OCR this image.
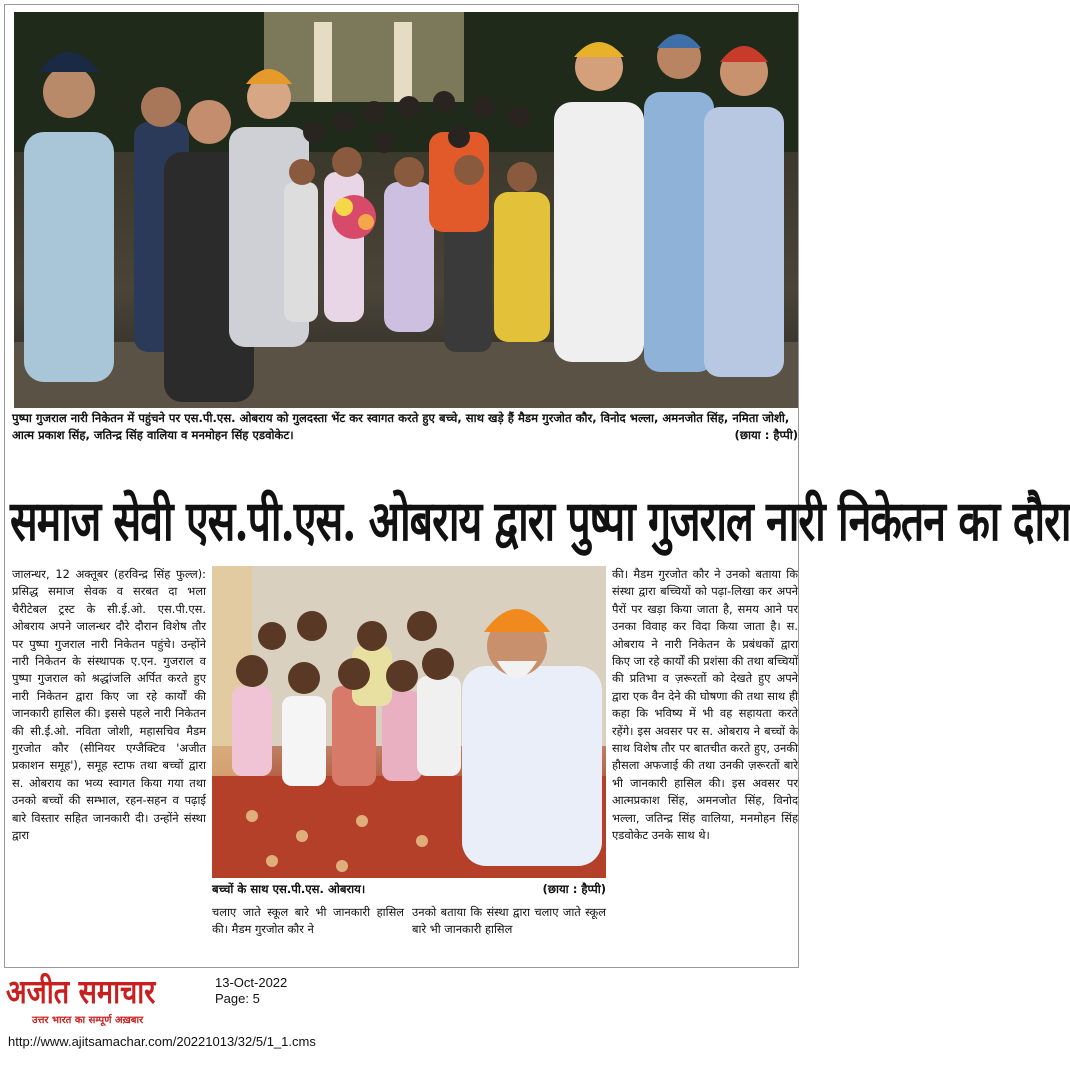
पुष्पा गुजराल नारी निकेतन में पहुंचने पर एस.पी.एस. ओबराय को गुलदस्ता भेंट कर स्वागत करते हुए बच्चे, साथ खड़े हैं मैडम गुरजोत कौर, विनोद भल्ला, अमनजोत सिंह, नमिता जोशी, आत्म प्रकाश सिंह, जतिन्द्र सिंह वालिया व मनमोहन सिंह एडवोकेट।	(छाया : हैप्पी)
समाज सेवी एस.पी.एस. ओबराय द्वारा पुष्पा गुजराल नारी निकेतन का दौरा
जालन्धर, 12 अक्तूबर (हरविन्द्र सिंह फुल्ल): प्रसिद्ध समाज सेवक व सरबत दा भला चैरीटेबल ट्रस्ट के सी.ई.ओ. एस.पी.एस. ओबराय अपने जालन्धर दौरे दौरान विशेष तौर पर पुष्पा गुजराल नारी निकेतन पहुंचे। उन्होंने नारी निकेतन के संस्थापक ए.एन. गुजराल व पुष्पा गुजराल को श्रद्धांजलि अर्पित करते हुए नारी निकेतन द्वारा किए जा रहे कार्यों की जानकारी हासिल की। इससे पहले नारी निकेतन की सी.ई.ओ. नविता जोशी, महासचिव मैडम गुरजोत कौर (सीनियर एग्जैक्टिव 'अजीत प्रकाशन समूह'), समूह स्टाफ तथा बच्चों द्वारा स. ओबराय का भव्य स्वागत किया गया तथा उनको बच्चों की सम्भाल, रहन-सहन व पढ़ाई बारे विस्तार सहित जानकारी दी। उन्होंने संस्था द्वारा
बच्चों के साथ एस.पी.एस. ओबराय।	(छाया : हैप्पी)
चलाए जाते स्कूल बारे भी जानकारी हासिल की। मैडम गुरजोत कौर ने
उनको बताया कि संस्था द्वारा चलाए जाते स्कूल बारे भी जानकारी हासिल
की। मैडम गुरजोत कौर ने उनको बताया कि संस्था द्वारा बच्चियों को पढ़ा-लिखा कर अपने पैरों पर खड़ा किया जाता है, समय आने पर उनका विवाह कर विदा किया जाता है। स. ओबराय ने नारी निकेतन के प्रबंधकों द्वारा किए जा रहे कार्यों की प्रशंसा की तथा बच्चियों की प्रतिभा व ज़रूरतों को देखते हुए अपने द्वारा एक वैन देने की घोषणा की तथा साथ ही कहा कि भविष्य में भी वह सहायता करते रहेंगे। इस अवसर पर स. ओबराय ने बच्चों के साथ विशेष तौर पर बातचीत करते हुए, उनकी हौसला अफजाई की तथा उनकी ज़रूरतों बारे भी जानकारी हासिल की। इस अवसर पर आत्मप्रकाश सिंह, अमनजोत सिंह, विनोद भल्ला, जतिन्द्र सिंह वालिया, मनमोहन सिंह एडवोकेट उनके साथ थे।
अजीत समाचार
उत्तर भारत का सम्पूर्ण अख़बार
13-Oct-2022
Page: 5
http://www.ajitsamachar.com/20221013/32/5/1_1.cms
